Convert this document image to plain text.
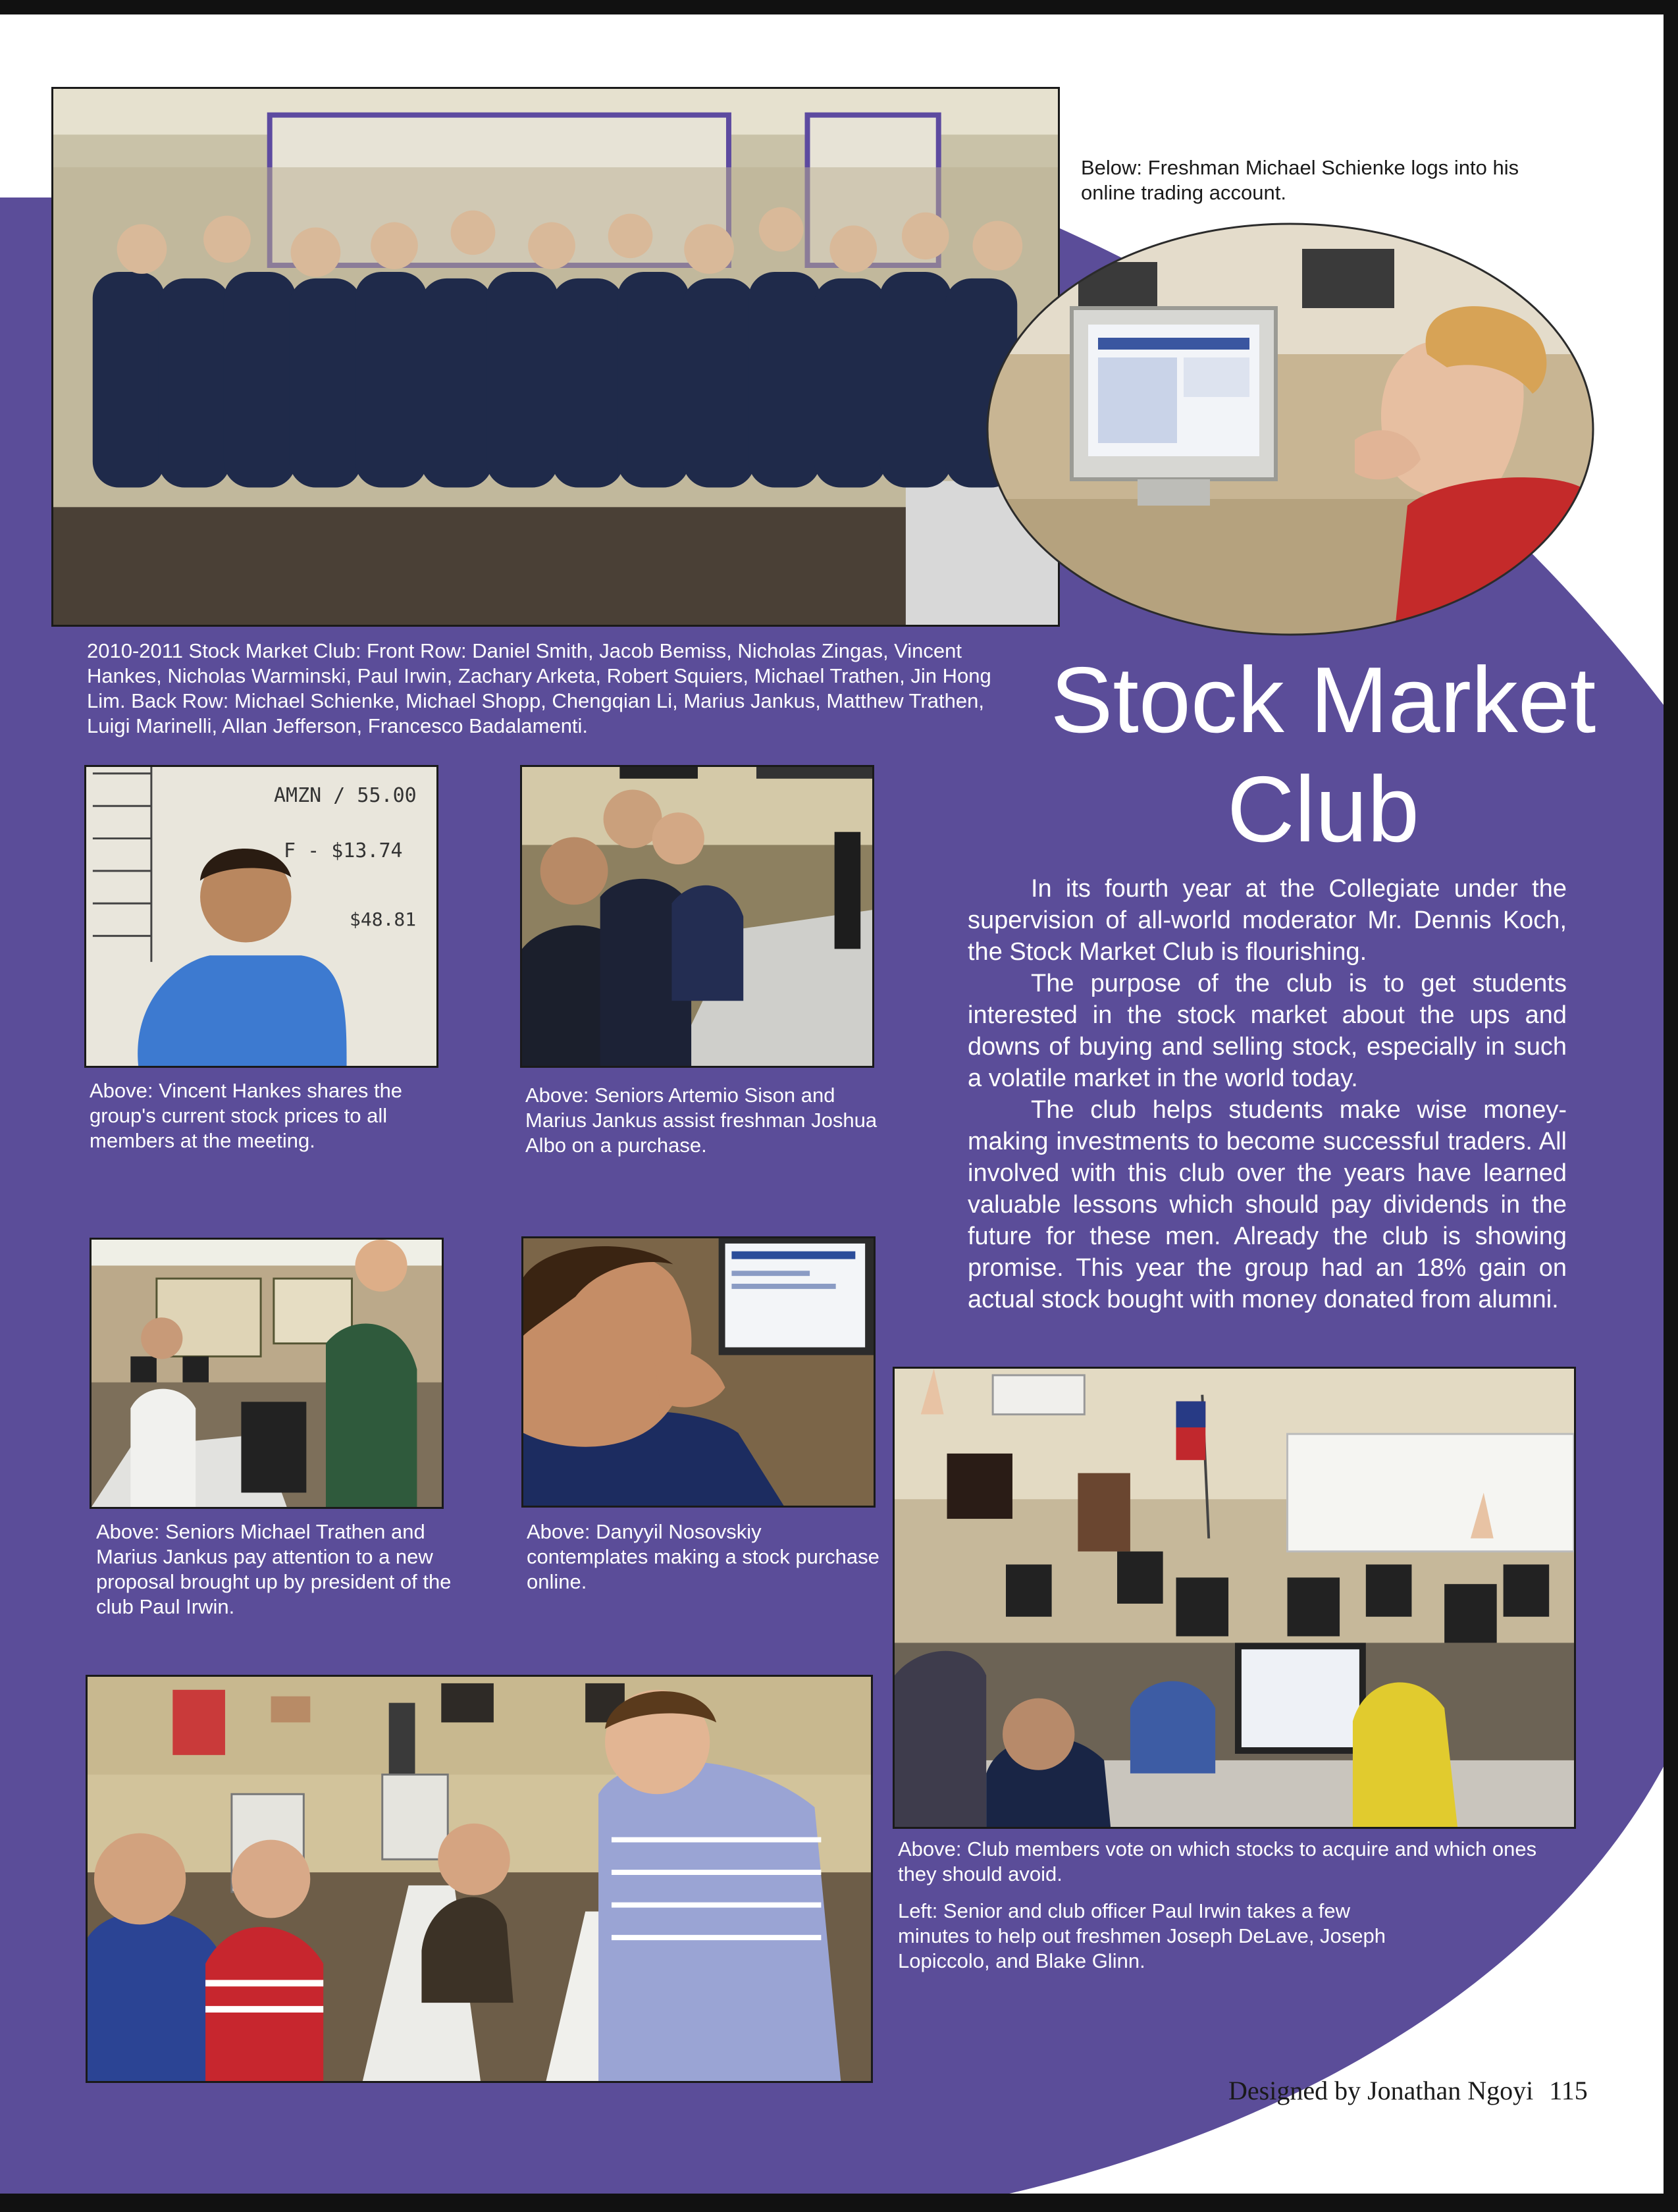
2010-2011 Stock Market Club: Front Row: Daniel Smith, Jacob Bemiss, Nicholas Zingas, Vincent Hankes, Nicholas Warminski, Paul Irwin, Zachary Arketa, Robert Squiers, Michael Trathen, Jin Hong Lim. Back Row: Michael Schienke, Michael Shopp, Chengqian Li, Marius Jankus, Matthew Trathen, Luigi Marinelli, Allan Jefferson, Francesco Badalamenti.

Below: Freshman Michael Schienke logs into his online trading account.

Stock Market
Club

In its fourth year at the Collegiate under the supervision of all-world moderator Mr. Dennis Koch, the Stock Market Club is flourishing.

The purpose of the club is to get students interested in the stock market about the ups and downs of buying and selling stock, especially in such a volatile market in the world today.

The club helps students make wise money-making investments to become successful traders. All involved with this club over the years have learned valuable lessons which should pay dividends in the future for these men. Already the club is showing promise. This year the group had an 18% gain on actual stock bought with money donated from alumni.

AMZN / 55.00
F - $13.74
$48.81

Above: Vincent Hankes shares the group's current stock prices to all members at the meeting.

Above: Seniors Artemio Sison and Marius Jankus assist freshman Joshua Albo on a purchase.

Above: Seniors Michael Trathen and Marius Jankus pay attention to a new proposal brought up by president of the club Paul Irwin.

Above: Danyyil Nosovskiy contemplates making a stock purchase online.

Above: Club members vote on which stocks to acquire and which ones they should avoid.

Left: Senior and club officer Paul Irwin takes a few minutes to help out freshmen Joseph DeLave, Joseph Lopiccolo, and Blake Glinn.

Designed by Jonathan Ngoyi 115
